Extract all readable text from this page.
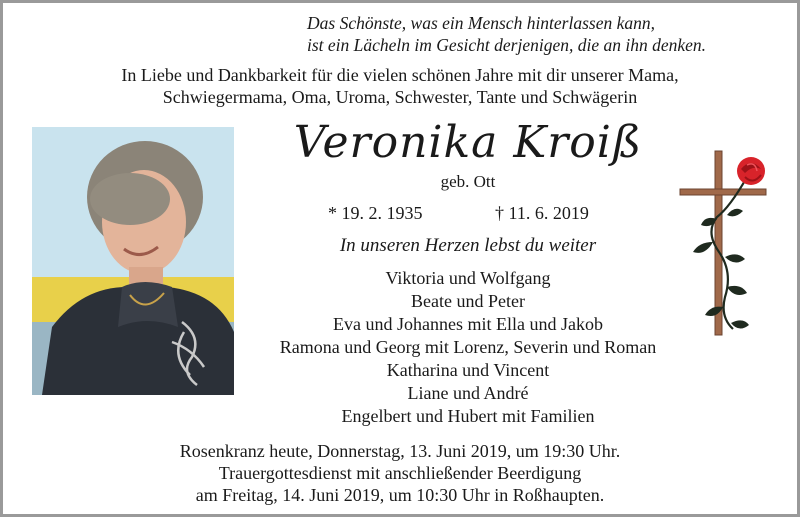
Das Schönste, was ein Mensch hinterlassen kann,
ist ein Lächeln im Gesicht derjenigen, die an ihn denken.
In Liebe und Dankbarkeit für die vielen schönen Jahre mit dir unserer Mama,
Schwiegermama, Oma, Uroma, Schwester, Tante und Schwägerin
Veronika Kroiß
geb. Ott
* 19. 2. 1935	† 11. 6. 2019
In unseren Herzen lebst du weiter
Viktoria und Wolfgang
Beate und Peter
Eva und Johannes mit Ella und Jakob
Ramona und Georg mit Lorenz, Severin und Roman
Katharina und Vincent
Liane und André
Engelbert und Hubert mit Familien
Rosenkranz heute, Donnerstag, 13. Juni 2019, um 19:30 Uhr.
Trauergottesdienst mit anschließender Beerdigung
am Freitag, 14. Juni 2019, um 10:30 Uhr in Roßhaupten.
